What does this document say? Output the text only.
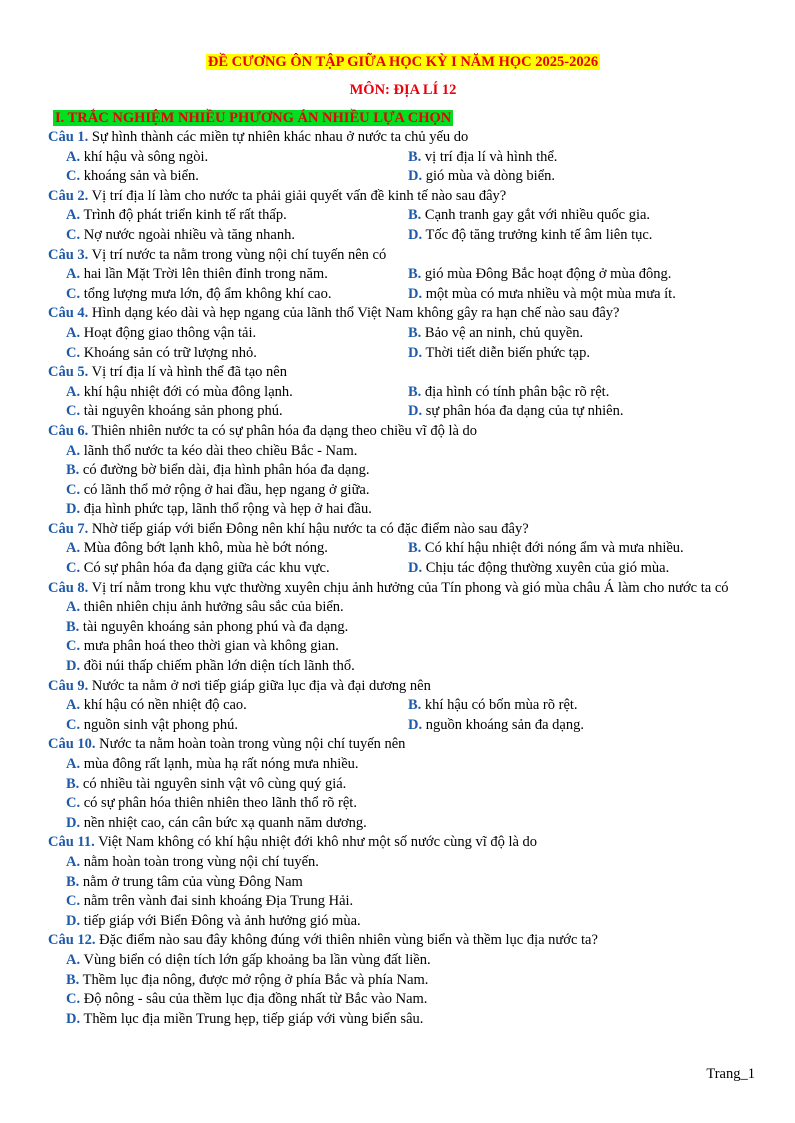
ĐỀ CƯƠNG ÔN TẬP GIỮA HỌC KỲ I NĂM HỌC 2025-2026
MÔN: ĐỊA LÍ 12
I. TRẮC NGHIỆM NHIỀU PHƯƠNG ÁN NHIỀU LỰA CHỌN
Câu 1. Sự hình thành các miền tự nhiên khác nhau ở nước ta chủ yếu do
A. khí hậu và sông ngòi.	B. vị trí địa lí và hình thể.
C. khoáng sản và biển.	D. gió mùa và dòng biển.
Câu 2. Vị trí địa lí làm cho nước ta phải giải quyết vấn đề kinh tế nào sau đây?
A. Trình độ phát triển kinh tế rất thấp.	B. Cạnh tranh gay gắt với nhiều quốc gia.
C. Nợ nước ngoài nhiều và tăng nhanh.	D. Tốc độ tăng trưởng kinh tế âm liên tục.
Câu 3. Vị trí nước ta nằm trong vùng nội chí tuyến nên có
A. hai lần Mặt Trời lên thiên đỉnh trong năm.	B. gió mùa Đông Bắc hoạt động ở mùa đông.
C. tổng lượng mưa lớn, độ ẩm không khí cao.	D. một mùa có mưa nhiều và một mùa mưa ít.
Câu 4. Hình dạng kéo dài và hẹp ngang của lãnh thổ Việt Nam không gây ra hạn chế nào sau đây?
A. Hoạt động giao thông vận tải.	B. Bảo vệ an ninh, chủ quyền.
C. Khoáng sản có trữ lượng nhỏ.	D. Thời tiết diễn biến phức tạp.
Câu 5. Vị trí địa lí và hình thể đã tạo nên
A. khí hậu nhiệt đới có mùa đông lạnh.	B. địa hình có tính phân bậc rõ rệt.
C. tài nguyên khoáng sản phong phú.	D. sự phân hóa đa dạng của tự nhiên.
Câu 6. Thiên nhiên nước ta có sự phân hóa đa dạng theo chiều vĩ độ là do
A. lãnh thổ nước ta kéo dài theo chiều Bắc - Nam.
B. có đường bờ biển dài, địa hình phân hóa đa dạng.
C. có lãnh thổ mở rộng ở hai đầu, hẹp ngang ở giữa.
D. địa hình phức tạp, lãnh thổ rộng và hẹp ở hai đầu.
Câu 7. Nhờ tiếp giáp với biển Đông nên khí hậu nước ta có đặc điểm nào sau đây?
A. Mùa đông bớt lạnh khô, mùa hè bớt nóng.	B. Có khí hậu nhiệt đới nóng ẩm và mưa nhiều.
C. Có sự phân hóa đa dạng giữa các khu vực.	D. Chịu tác động thường xuyên của gió mùa.
Câu 8. Vị trí nằm trong khu vực thường xuyên chịu ảnh hưởng của Tín phong và gió mùa châu Á làm cho nước ta có
A. thiên nhiên chịu ảnh hưởng sâu sắc của biển.
B. tài nguyên khoáng sản phong phú và đa dạng.
C. mưa phân hoá theo thời gian và không gian.
D. đồi núi thấp chiếm phần lớn diện tích lãnh thổ.
Câu 9. Nước ta nằm ở nơi tiếp giáp giữa lục địa và đại dương nên
A. khí hậu có nền nhiệt độ cao.	B. khí hậu có bốn mùa rõ rệt.
C. nguồn sinh vật phong phú.	D. nguồn khoáng sản đa dạng.
Câu 10. Nước ta nằm hoàn toàn trong vùng nội chí tuyến nên
A. mùa đông rất lạnh, mùa hạ rất nóng mưa nhiều.
B. có nhiều tài nguyên sinh vật vô cùng quý giá.
C. có sự phân hóa thiên nhiên theo lãnh thổ rõ rệt.
D. nền nhiệt cao, cán cân bức xạ quanh năm dương.
Câu 11. Việt Nam không có khí hậu nhiệt đới khô như một số nước cùng vĩ độ là do
A. nằm hoàn toàn trong vùng nội chí tuyến.
B. nằm ở trung tâm của vùng Đông Nam
C. nằm trên vành đai sinh khoáng Địa Trung Hải.
D. tiếp giáp với Biển Đông và ảnh hưởng gió mùa.
Câu 12. Đặc điểm nào sau đây không đúng với thiên nhiên vùng biển và thềm lục địa nước ta?
A. Vùng biển có diện tích lớn gấp khoảng ba lần vùng đất liền.
B. Thềm lục địa nông, được mở rộng ở phía Bắc và phía Nam.
C. Độ nông - sâu của thềm lục địa đồng nhất từ Bắc vào Nam.
D. Thềm lục địa miền Trung hẹp, tiếp giáp với vùng biển sâu.
Trang_1
